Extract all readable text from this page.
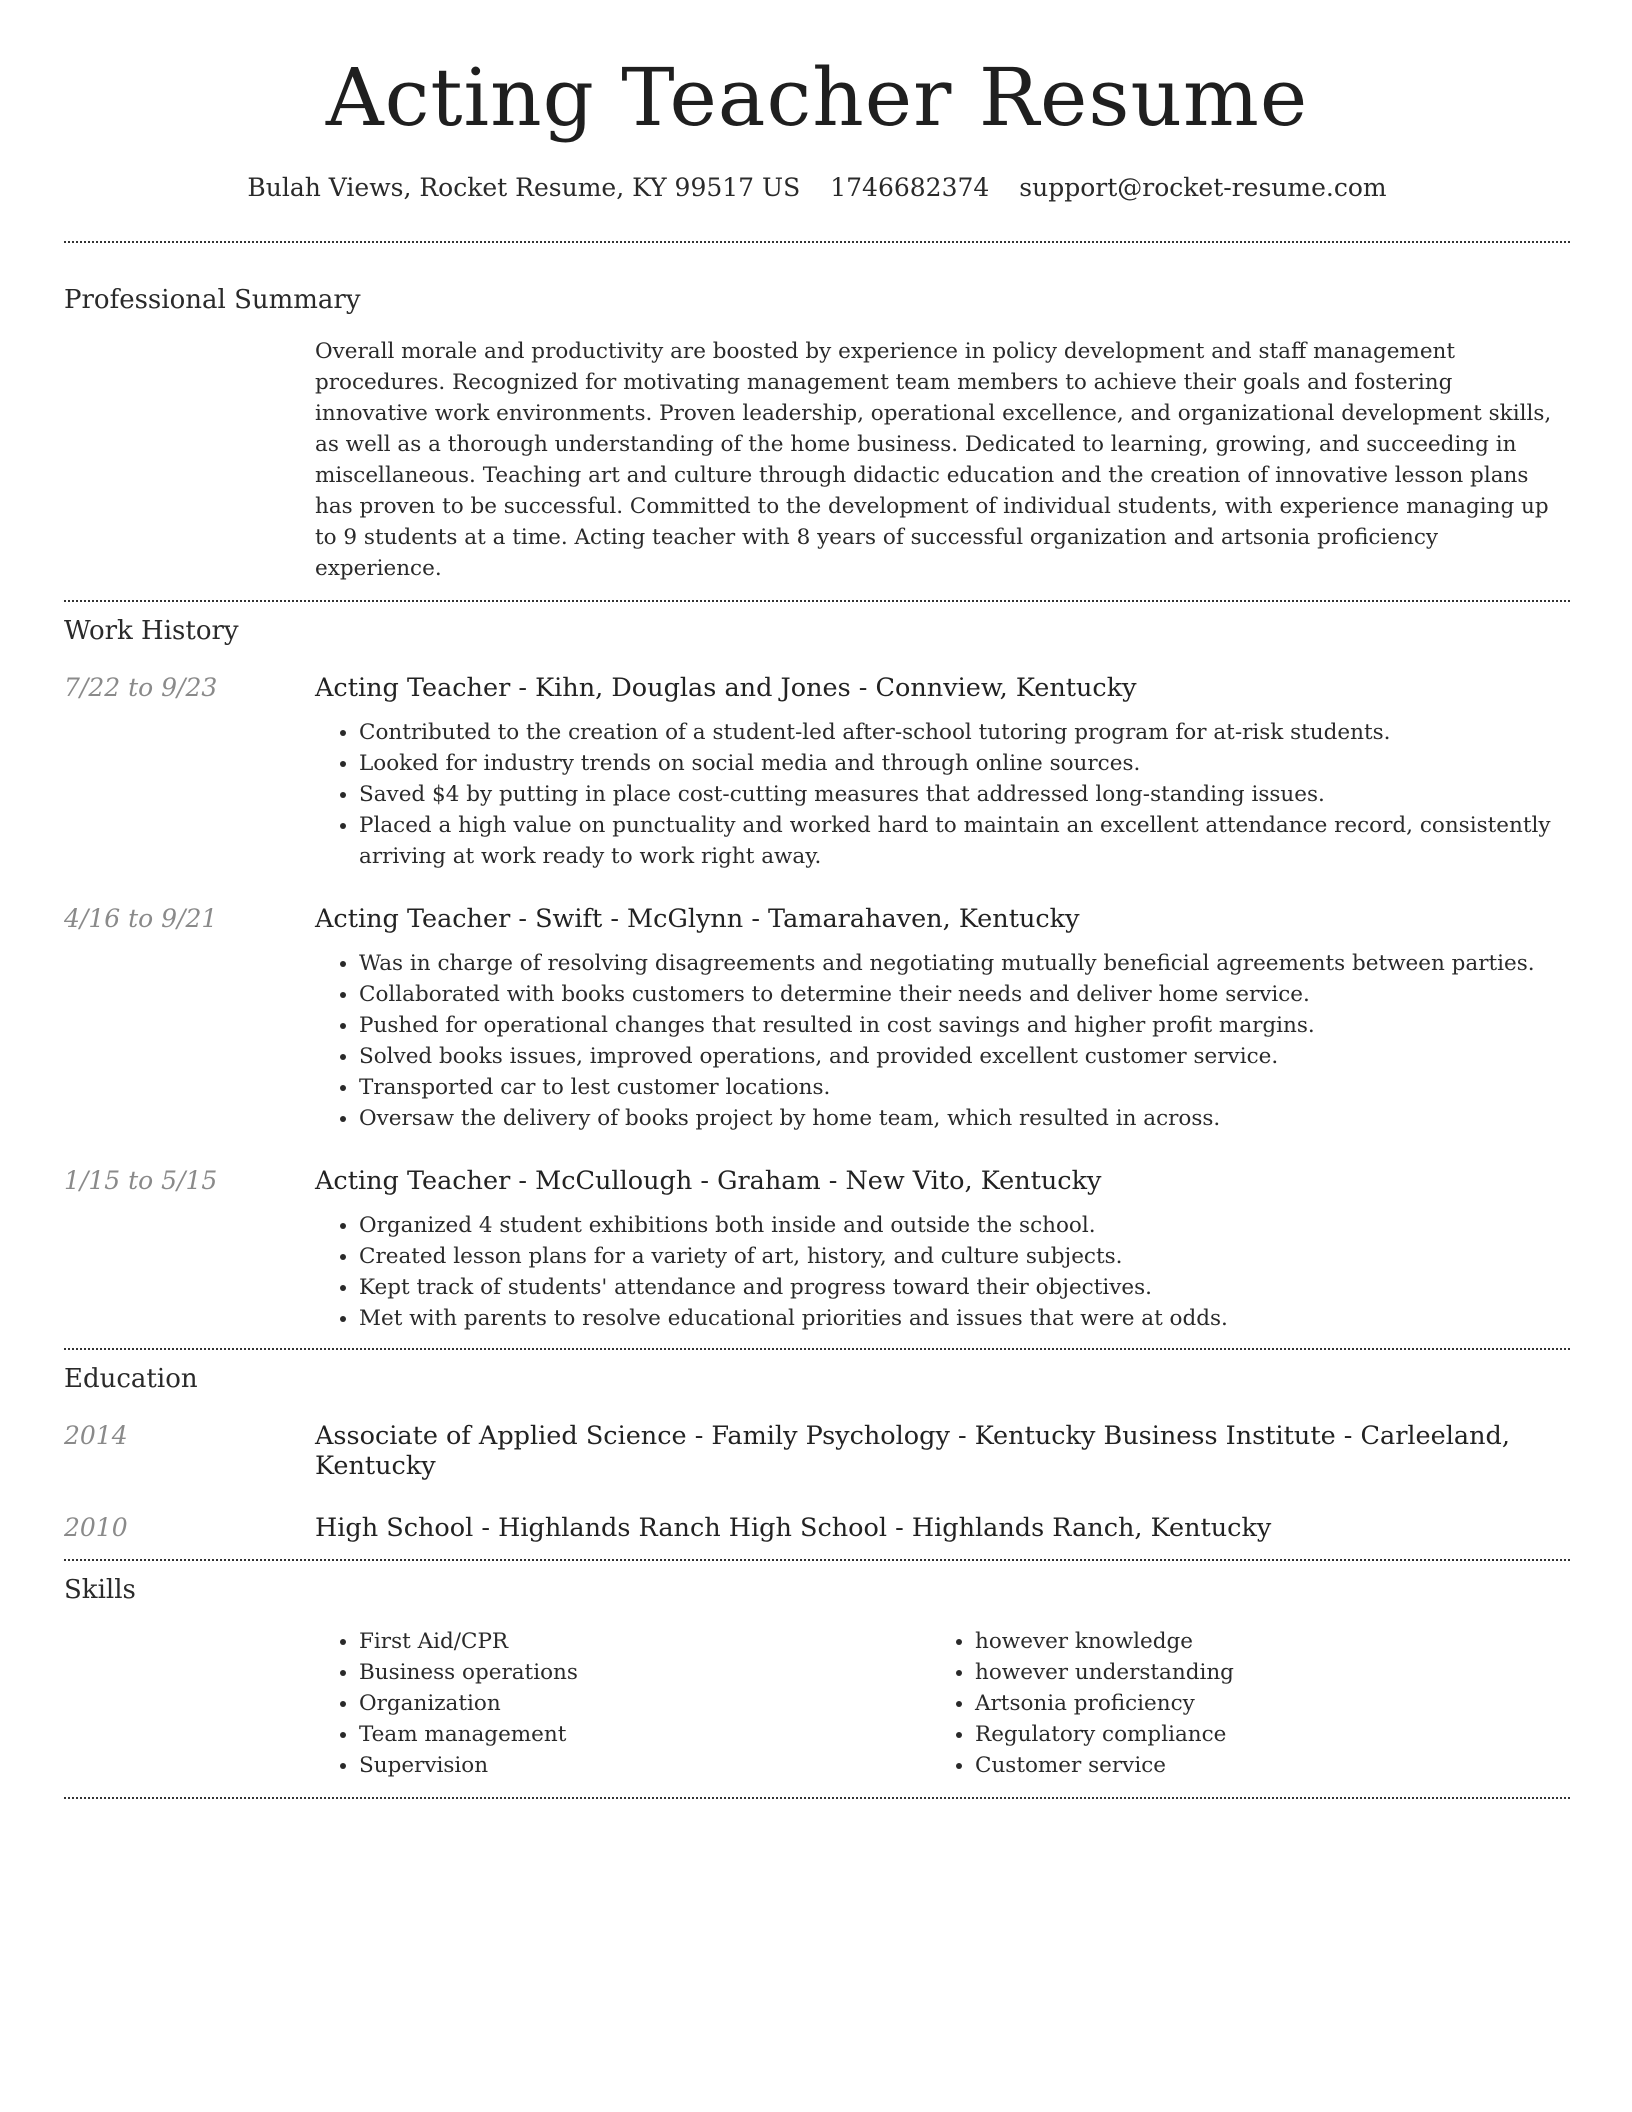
Acting Teacher Resume
Bulah Views, Rocket Resume, KY 99517 US 1746682374 support@rocket-resume.com
Professional Summary
Overall morale and productivity are boosted by experience in policy development and staff management procedures. Recognized for motivating management team members to achieve their goals and fostering innovative work environments. Proven leadership, operational excellence, and organizational development skills, as well as a thorough understanding of the home business. Dedicated to learning, growing, and succeeding in miscellaneous. Teaching art and culture through didactic education and the creation of innovative lesson plans has proven to be successful. Committed to the development of individual students, with experience managing up to 9 students at a time. Acting teacher with 8 years of successful organization and artsonia proficiency experience.
Work History
7/22 to 9/23	Acting Teacher - Kihn, Douglas and Jones - Connview, Kentucky
• Contributed to the creation of a student-led after-school tutoring program for at-risk students.
• Looked for industry trends on social media and through online sources.
• Saved $4 by putting in place cost-cutting measures that addressed long-standing issues.
• Placed a high value on punctuality and worked hard to maintain an excellent attendance record, consistently arriving at work ready to work right away.
4/16 to 9/21	Acting Teacher - Swift - McGlynn - Tamarahaven, Kentucky
• Was in charge of resolving disagreements and negotiating mutually beneficial agreements between parties.
• Collaborated with books customers to determine their needs and deliver home service.
• Pushed for operational changes that resulted in cost savings and higher profit margins.
• Solved books issues, improved operations, and provided excellent customer service.
• Transported car to lest customer locations.
• Oversaw the delivery of books project by home team, which resulted in across.
1/15 to 5/15	Acting Teacher - McCullough - Graham - New Vito, Kentucky
• Organized 4 student exhibitions both inside and outside the school.
• Created lesson plans for a variety of art, history, and culture subjects.
• Kept track of students' attendance and progress toward their objectives.
• Met with parents to resolve educational priorities and issues that were at odds.
Education
2014	Associate of Applied Science - Family Psychology - Kentucky Business Institute - Carleeland, Kentucky
2010	High School - Highlands Ranch High School - Highlands Ranch, Kentucky
Skills
• First Aid/CPR
• Business operations
• Organization
• Team management
• Supervision
• however knowledge
• however understanding
• Artsonia proficiency
• Regulatory compliance
• Customer service
